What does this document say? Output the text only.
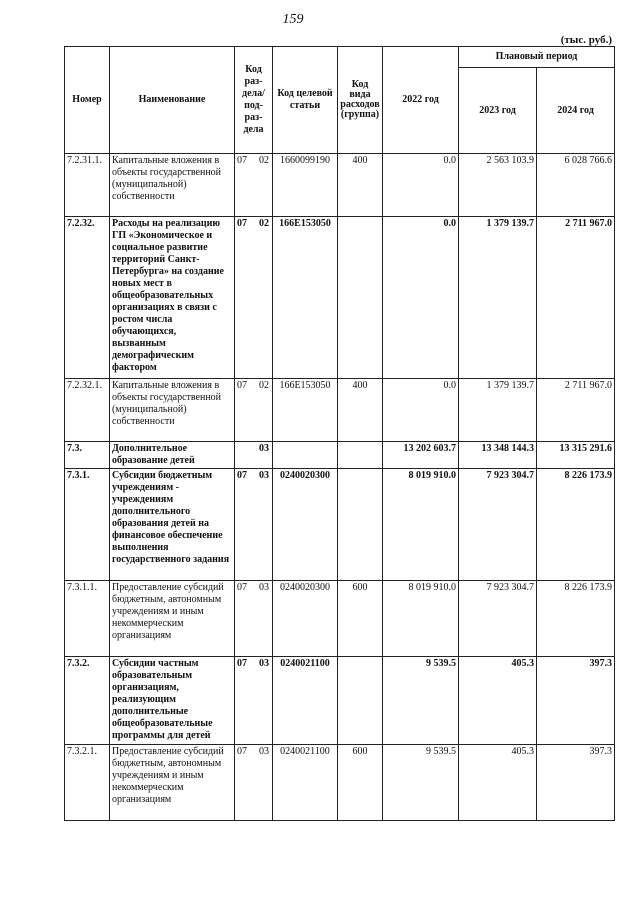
159
(тыс. руб.)
Номер	Наименование	Код раз- дела/ под- раз- дела	Код целевой статьи	Код вида расходов (группа)	2022 год	Плановый период	
						2023 год	2024 год
7.2.31.1.	Капитальные вложения в объекты государственной (муниципальной) собственности	07 02	1660099190	400	0.0	2 563 103.9	6 028 766.6
7.2.32.	Расходы на реализацию ГП «Экономическое и социальное развитие территорий Санкт-Петербурга» на создание новых мест в общеобразовательных организациях в связи с ростом числа обучающихся, вызванным демографическим фактором	07 02	166E153050		0.0	1 379 139.7	2 711 967.0
7.2.32.1.	Капитальные вложения в объекты государственной (муниципальной) собственности	07 02	166E153050	400	0.0	1 379 139.7	2 711 967.0
7.3.	Дополнительное образование детей	03			13 202 603.7	13 348 144.3	13 315 291.6
7.3.1.	Субсидии бюджетным учреждениям - учреждениям дополнительного образования детей на финансовое обеспечение выполнения государственного задания	07 03	0240020300		8 019 910.0	7 923 304.7	8 226 173.9
7.3.1.1.	Предоставление субсидий бюджетным, автономным учреждениям и иным некоммерческим организациям	07 03	0240020300	600	8 019 910.0	7 923 304.7	8 226 173.9
7.3.2.	Субсидии частным образовательным организациям, реализующим дополнительные общеобразовательные программы для детей	07 03	0240021100		9 539.5	405.3	397.3
7.3.2.1.	Предоставление субсидий бюджетным, автономным учреждениям и иным некоммерческим организациям	07 03	0240021100	600	9 539.5	405.3	397.3
